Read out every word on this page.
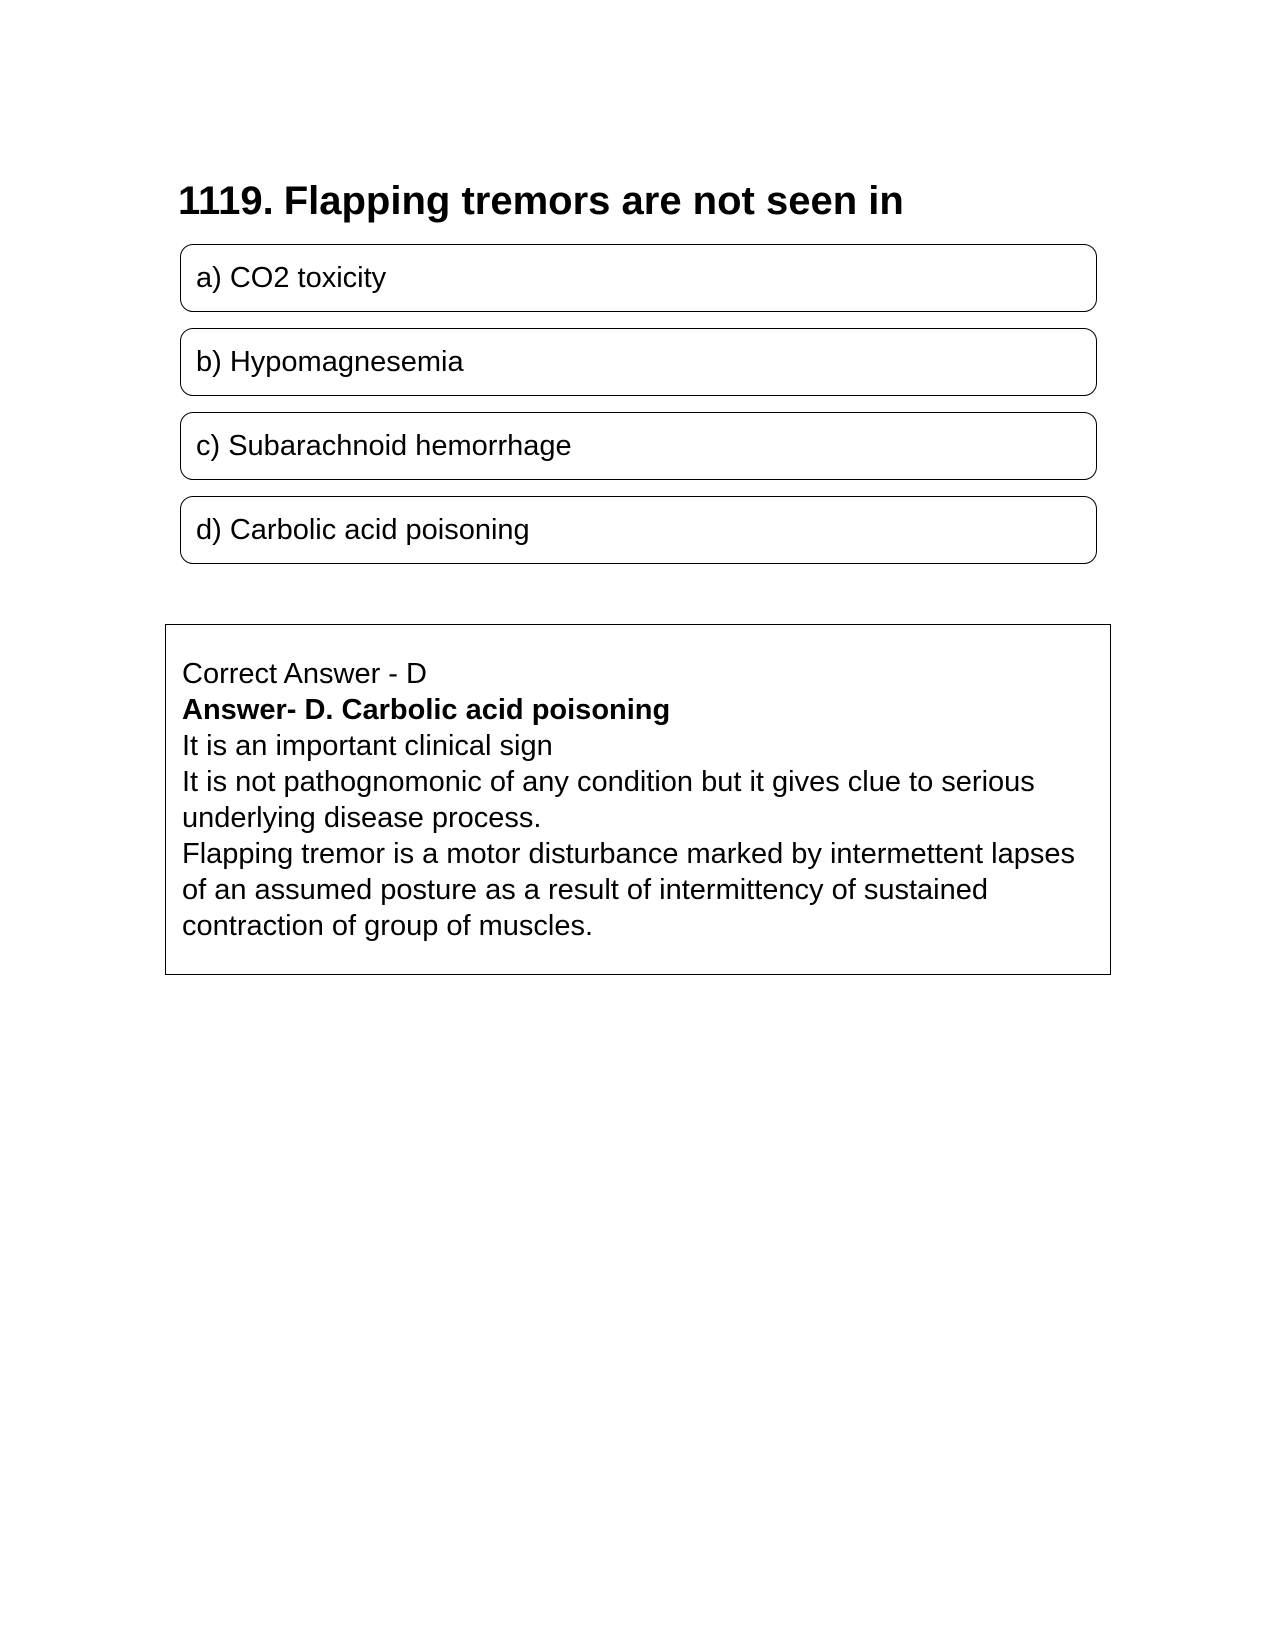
1119. Flapping tremors are not seen in
a) CO2 toxicity
b) Hypomagnesemia
c) Subarachnoid hemorrhage
d) Carbolic acid poisoning

Correct Answer - D

Answer- D. Carbolic acid poisoning

It is an important clinical sign

It is not pathognomonic of any condition but it gives clue to serious underlying disease process.

Flapping tremor is a motor disturbance marked by intermettent lapses of an assumed posture as a result of intermittency of sustained contraction of group of muscles.
